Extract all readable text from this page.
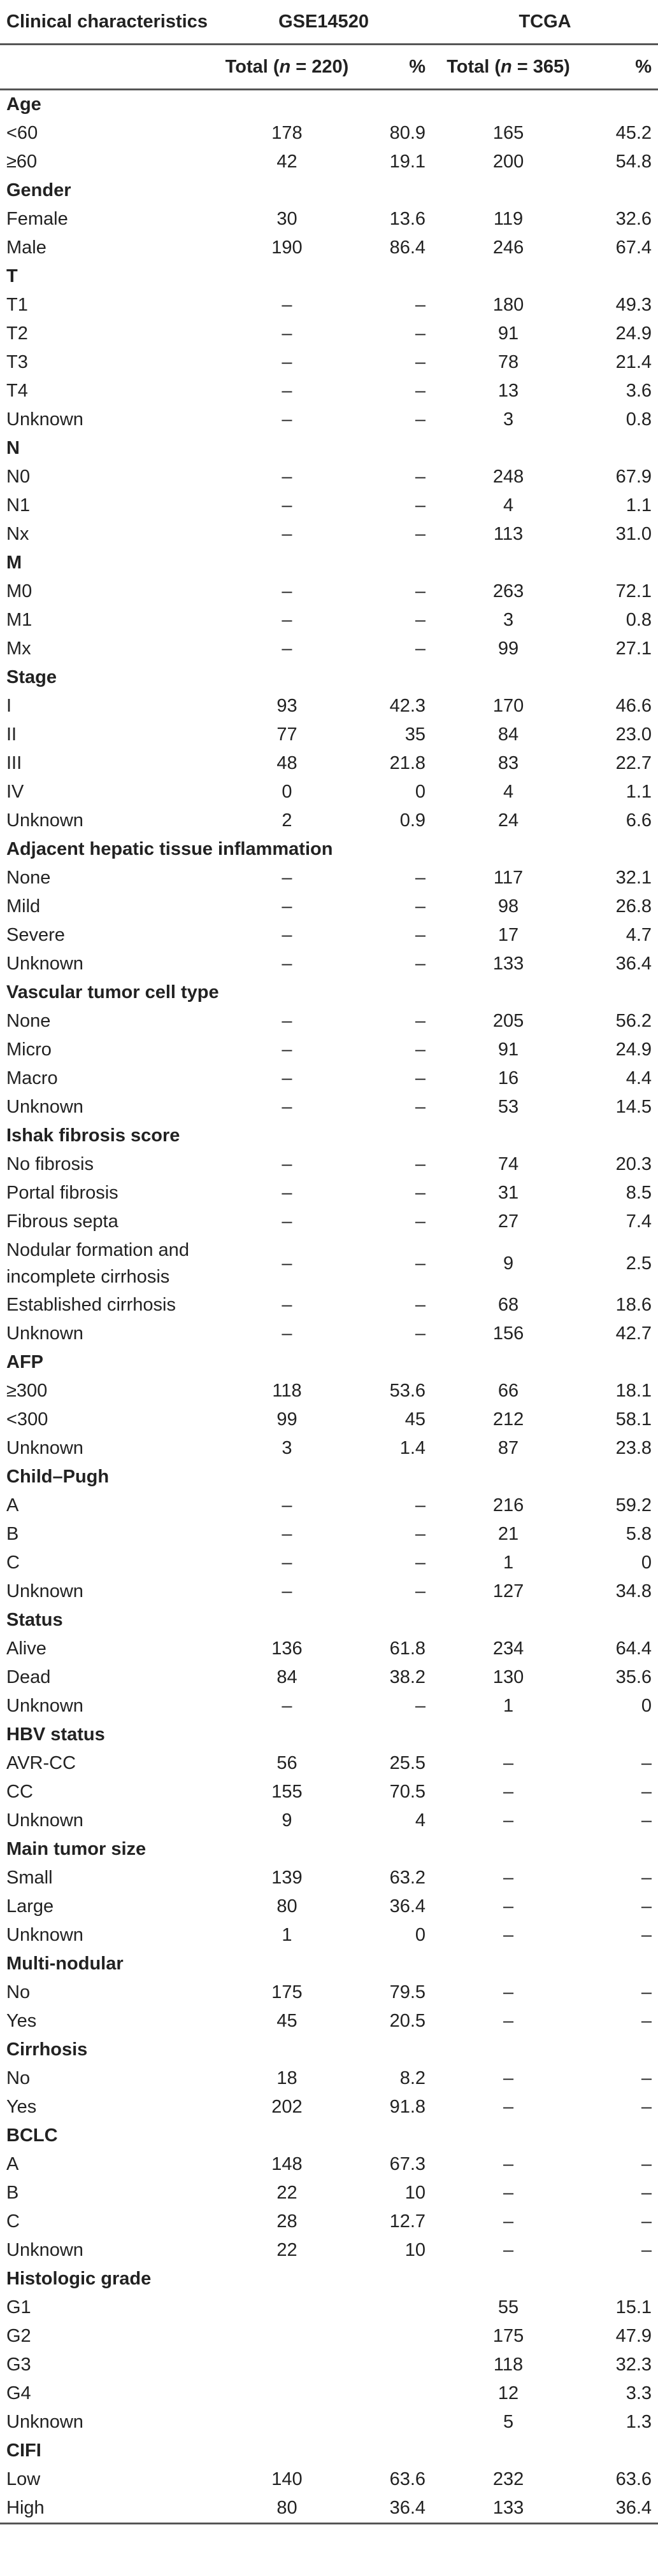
Clinical characteristics	GSE14520		TCGA	
	Total (n = 220)	%	Total (n = 365)	%
Age				
<60	178	80.9	165	45.2
≥60	42	19.1	200	54.8
Gender				
Female	30	13.6	119	32.6
Male	190	86.4	246	67.4
T				
T1	–	–	180	49.3
T2	–	–	91	24.9
T3	–	–	78	21.4
T4	–	–	13	3.6
Unknown	–	–	3	0.8
N				
N0	–	–	248	67.9
N1	–	–	4	1.1
Nx	–	–	113	31.0
M				
M0	–	–	263	72.1
M1	–	–	3	0.8
Mx	–	–	99	27.1
Stage				
I	93	42.3	170	46.6
II	77	35	84	23.0
III	48	21.8	83	22.7
IV	0	0	4	1.1
Unknown	2	0.9	24	6.6
Adjacent hepatic tissue inflammation				
None	–	–	117	32.1
Mild	–	–	98	26.8
Severe	–	–	17	4.7
Unknown	–	–	133	36.4
Vascular tumor cell type				
None	–	–	205	56.2
Micro	–	–	91	24.9
Macro	–	–	16	4.4
Unknown	–	–	53	14.5
Ishak fibrosis score				
No fibrosis	–	–	74	20.3
Portal fibrosis	–	–	31	8.5
Fibrous septa	–	–	27	7.4
Nodular formation and incomplete cirrhosis	–	–	9	2.5
Established cirrhosis	–	–	68	18.6
Unknown	–	–	156	42.7
AFP				
≥300	118	53.6	66	18.1
<300	99	45	212	58.1
Unknown	3	1.4	87	23.8
Child–Pugh				
A	–	–	216	59.2
B	–	–	21	5.8
C	–	–	1	0
Unknown	–	–	127	34.8
Status				
Alive	136	61.8	234	64.4
Dead	84	38.2	130	35.6
Unknown	–	–	1	0
HBV status				
AVR-CC	56	25.5	–	–
CC	155	70.5	–	–
Unknown	9	4	–	–
Main tumor size				
Small	139	63.2	–	–
Large	80	36.4	–	–
Unknown	1	0	–	–
Multi-nodular				
No	175	79.5	–	–
Yes	45	20.5	–	–
Cirrhosis				
No	18	8.2	–	–
Yes	202	91.8	–	–
BCLC				
A	148	67.3	–	–
B	22	10	–	–
C	28	12.7	–	–
Unknown	22	10	–	–
Histologic grade				
G1			55	15.1
G2			175	47.9
G3			118	32.3
G4			12	3.3
Unknown			5	1.3
CIFI				
Low	140	63.6	232	63.6
High	80	36.4	133	36.4
